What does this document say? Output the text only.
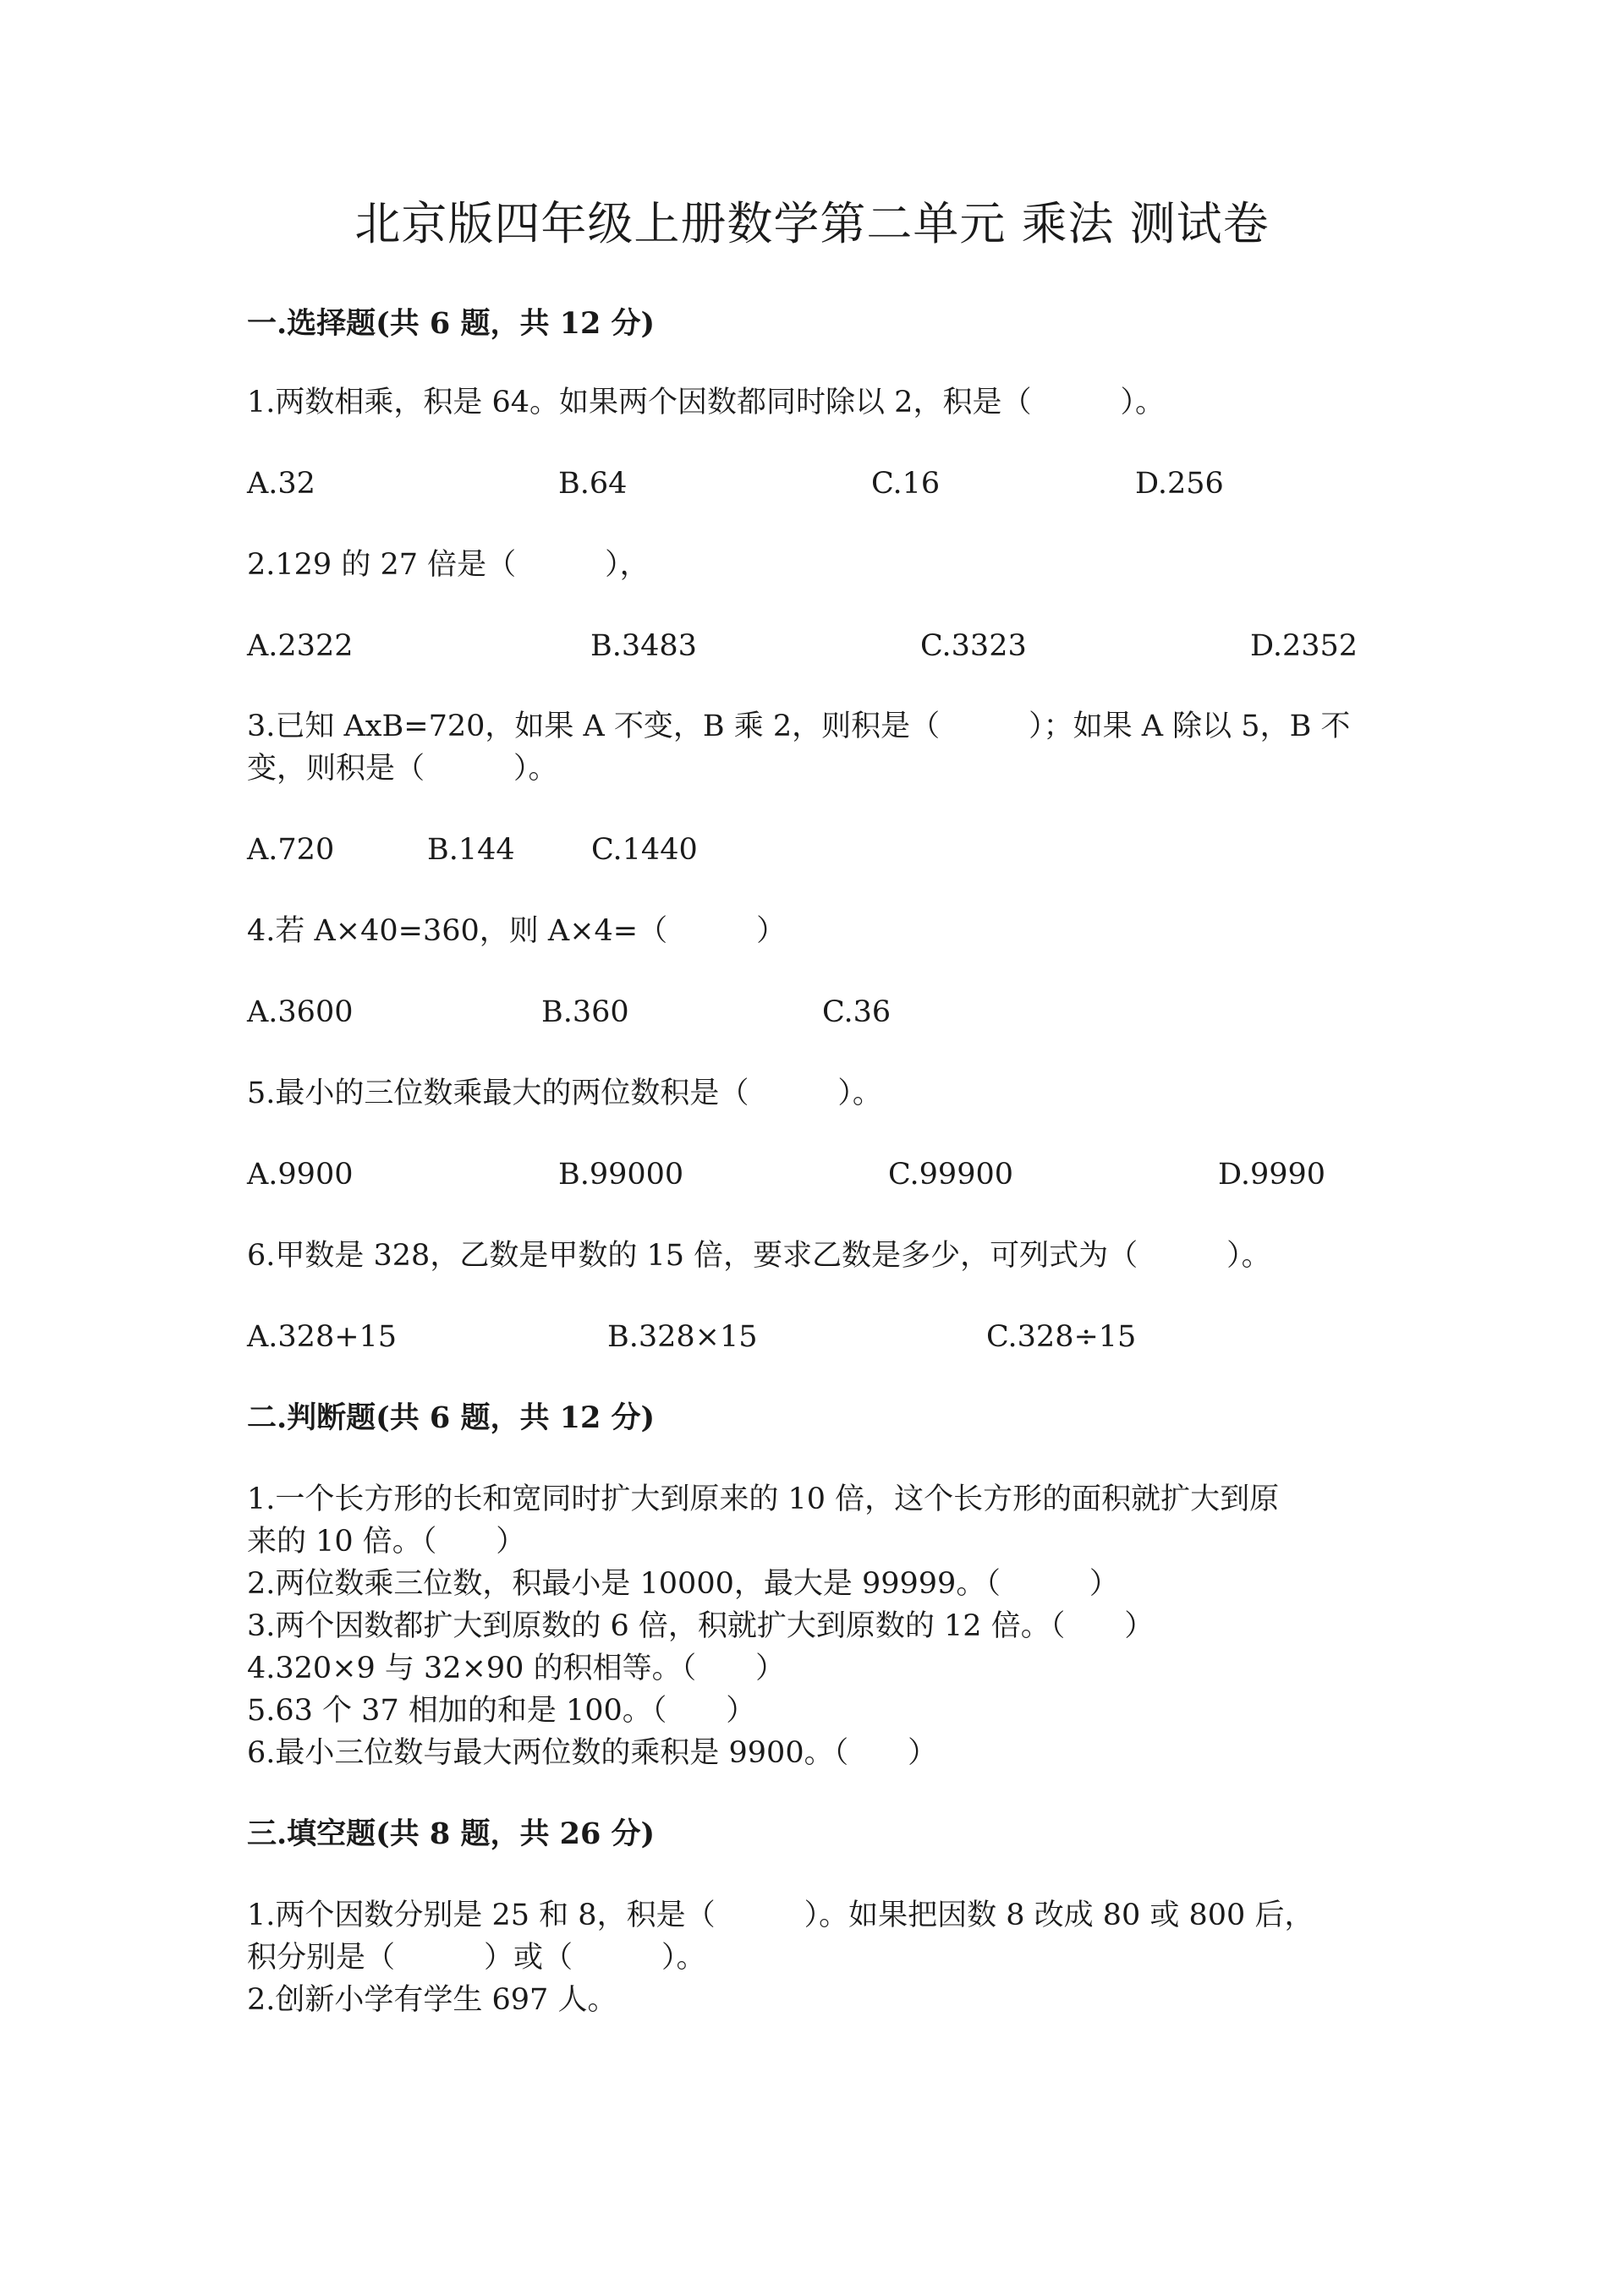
北京版四年级上册数学第二单元 乘法 测试卷
一.选择题(共 6 题，共 12 分)

1.两数相乘，积是 64。如果两个因数都同时除以 2，积是（　　　）。

A.32	B.64	C.16	D.256

2.129 的 27 倍是（　　　），

A.2322	B.3483	C.3323	D.2352

3.已知 AxB=720，如果 A 不变，B 乘 2，则积是（　　　）；如果 A 除以 5，B 不

变，则积是（　　　）。

A.720	B.144	C.1440

4.若 A×40=360，则 A×4=（　　　）

A.3600	B.360	C.36

5.最小的三位数乘最大的两位数积是（　　　）。

A.9900	B.99000	C.99900	D.9990

6.甲数是 328，乙数是甲数的 15 倍，要求乙数是多少，可列式为（　　　）。

A.328+15	B.328×15	C.328÷15
二.判断题(共 6 题，共 12 分)

1.一个长方形的长和宽同时扩大到原来的 10 倍，这个长方形的面积就扩大到原

来的 10 倍。（　　）

2.两位数乘三位数，积最小是 10000，最大是 99999。（　　　）

3.两个因数都扩大到原数的 6 倍，积就扩大到原数的 12 倍。（　　）

4.320×9 与 32×90 的积相等。（　　）

5.63 个 37 相加的和是 100。（　　）

6.最小三位数与最大两位数的乘积是 9900。（　　）

三.填空题(共 8 题，共 26 分)

1.两个因数分别是 25 和 8，积是（　　　）。如果把因数 8 改成 80 或 800 后，

积分别是（　　　）或（　　　）。

2.创新小学有学生 697 人。
